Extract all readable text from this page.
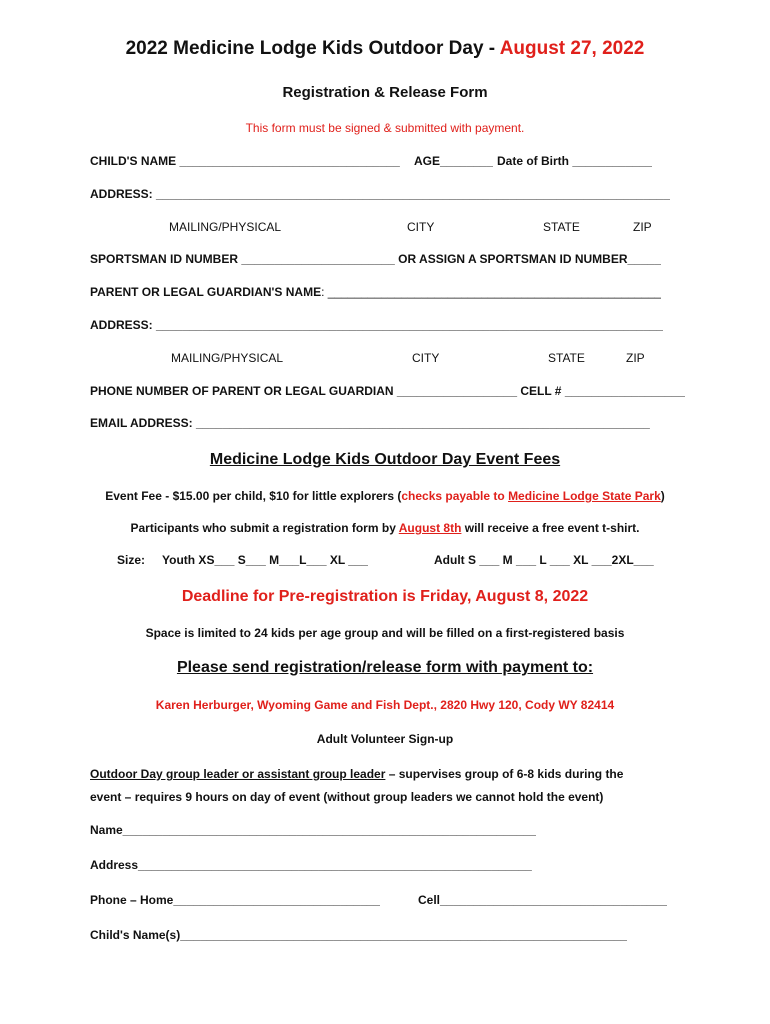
2022 Medicine Lodge Kids Outdoor Day - August 27, 2022
Registration & Release Form
This form must be signed & submitted with payment.
CHILD'S NAME _________________________________ AGE________ Date of Birth ____________
ADDRESS: _____________________________________________________________________________
MAILING/PHYSICAL	CITY	STATE	ZIP
SPORTSMAN ID NUMBER _______________________ OR ASSIGN A SPORTSMAN ID NUMBER_____
PARENT OR LEGAL GUARDIAN'S NAME: __________________________________________________
ADDRESS: ____________________________________________________________________________
MAILING/PHYSICAL	CITY	STATE	ZIP
PHONE NUMBER OF PARENT OR LEGAL GUARDIAN __________________ CELL # __________________
EMAIL ADDRESS: ____________________________________________________________________
Medicine Lodge Kids Outdoor Day Event Fees
Event Fee - $15.00 per child, $10 for little explorers (checks payable to Medicine Lodge State Park)
Participants who submit a registration form by August 8th will receive a free event t-shirt.
Size: Youth XS___ S___ M___L___ XL ___	Adult S ___ M ___ L ___ XL ___2XL___
Deadline for Pre-registration is Friday, August 8, 2022
Space is limited to 24 kids per age group and will be filled on a first-registered basis
Please send registration/release form with payment to:
Karen Herburger, Wyoming Game and Fish Dept., 2820 Hwy 120, Cody WY 82414
Adult Volunteer Sign-up
Outdoor Day group leader or assistant group leader – supervises group of 6-8 kids during the
event – requires 9 hours on day of event (without group leaders we cannot hold the event)
Name______________________________________________________________
Address___________________________________________________________
Phone – Home_______________________________	Cell__________________________________
Child's Name(s)___________________________________________________________________
